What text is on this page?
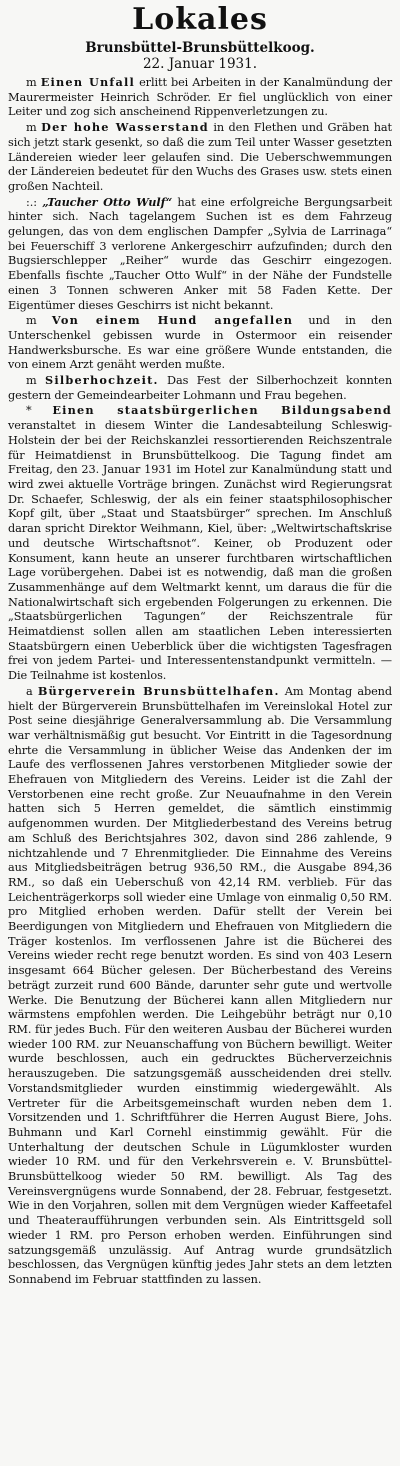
Lokales
Brunsbüttel-Brunsbüttelkoog.
22. Januar 1931.

m Einen Unfall erlitt bei Arbeiten in der Kanalmündung der Maurermeister Heinrich Schröder. Er fiel unglücklich von einer Leiter und zog sich anscheinend Rippenverletzungen zu.

m Der hohe Wasserstand in den Flethen und Gräben hat sich jetzt stark gesenkt, so daß die zum Teil unter Wasser gesetzten Ländereien wieder leer gelaufen sind. Die Ueberschwemmungen der Ländereien bedeutet für den Wuchs des Grases usw. stets einen großen Nachteil.

:.: „Taucher Otto Wulf“ hat eine erfolgreiche Bergungsarbeit hinter sich. Nach tagelangem Suchen ist es dem Fahrzeug gelungen, das von dem englischen Dampfer „Sylvia de Larrinaga“ bei Feuerschiff 3 verlorene Ankergeschirr aufzufinden; durch den Bugsierschlepper „Reiher“ wurde das Geschirr eingezogen. Ebenfalls fischte „Taucher Otto Wulf“ in der Nähe der Fundstelle einen 3 Tonnen schweren Anker mit 58 Faden Kette. Der Eigentümer dieses Geschirrs ist nicht bekannt.

m Von einem Hund angefallen und in den Unterschenkel gebissen wurde in Ostermoor ein reisender Handwerksbursche. Es war eine größere Wunde entstanden, die von einem Arzt genäht werden mußte.

m Silberhochzeit. Das Fest der Silberhochzeit konnten gestern der Gemeindearbeiter Lohmann und Frau begehen.

* Einen staatsbürgerlichen Bildungsabend veranstaltet in diesem Winter die Landesabteilung Schleswig-Holstein der bei der Reichskanzlei ressortierenden Reichszentrale für Heimatdienst in Brunsbüttelkoog. Die Tagung findet am Freitag, den 23. Januar 1931 im Hotel zur Kanalmündung statt und wird zwei aktuelle Vorträge bringen. Zunächst wird Regierungsrat Dr. Schaefer, Schleswig, der als ein feiner staatsphilosophischer Kopf gilt, über „Staat und Staatsbürger“ sprechen. Im Anschluß daran spricht Direktor Weihmann, Kiel, über: „Weltwirtschaftskrise und deutsche Wirtschaftsnot“. Keiner, ob Produzent oder Konsument, kann heute an unserer furchtbaren wirtschaftlichen Lage vorübergehen. Dabei ist es notwendig, daß man die großen Zusammenhänge auf dem Weltmarkt kennt, um daraus die für die Nationalwirtschaft sich ergebenden Folgerungen zu erkennen. Die „Staatsbürgerlichen Tagungen“ der Reichszentrale für Heimatdienst sollen allen am staatlichen Leben interessierten Staatsbürgern einen Ueberblick über die wichtigsten Tagesfragen frei von jedem Partei- und Interessentenstandpunkt vermitteln. — Die Teilnahme ist kostenlos.

a Bürgerverein Brunsbüttelhafen. Am Montag abend hielt der Bürgerverein Brunsbüttelhafen im Vereinslokal Hotel zur Post seine diesjährige Generalversammlung ab. Die Versammlung war verhältnismäßig gut besucht. Vor Eintritt in die Tagesordnung ehrte die Versammlung in üblicher Weise das Andenken der im Laufe des verflossenen Jahres verstorbenen Mitglieder sowie der Ehefrauen von Mitgliedern des Vereins. Leider ist die Zahl der Verstorbenen eine recht große. Zur Neuaufnahme in den Verein hatten sich 5 Herren gemeldet, die sämtlich einstimmig aufgenommen wurden. Der Mitgliederbestand des Vereins betrug am Schluß des Berichtsjahres 302, davon sind 286 zahlende, 9 nichtzahlende und 7 Ehrenmitglieder. Die Einnahme des Vereins aus Mitgliedsbeiträgen betrug 936,50 RM., die Ausgabe 894,36 RM., so daß ein Ueberschuß von 42,14 RM. verblieb. Für das Leichenträgerkorps soll wieder eine Umlage von einmalig 0,50 RM. pro Mitglied erhoben werden. Dafür stellt der Verein bei Beerdigungen von Mitgliedern und Ehefrauen von Mitgliedern die Träger kostenlos. Im verflossenen Jahre ist die Bücherei des Vereins wieder recht rege benutzt worden. Es sind von 403 Lesern insgesamt 664 Bücher gelesen. Der Bücherbestand des Vereins beträgt zurzeit rund 600 Bände, darunter sehr gute und wertvolle Werke. Die Benutzung der Bücherei kann allen Mitgliedern nur wärmstens empfohlen werden. Die Leihgebühr beträgt nur 0,10 RM. für jedes Buch. Für den weiteren Ausbau der Bücherei wurden wieder 100 RM. zur Neuanschaffung von Büchern bewilligt. Weiter wurde beschlossen, auch ein gedrucktes Bücherverzeichnis herauszugeben. Die satzungsgemäß ausscheidenden drei stellv. Vorstandsmitglieder wurden einstimmig wiedergewählt. Als Vertreter für die Arbeitsgemeinschaft wurden neben dem 1. Vorsitzenden und 1. Schriftführer die Herren August Biere, Johs. Buhmann und Karl Cornehl einstimmig gewählt. Für die Unterhaltung der deutschen Schule in Lügumkloster wurden wieder 10 RM. und für den Verkehrsverein e. V. Brunsbüttel-Brunsbüttelkoog wieder 50 RM. bewilligt. Als Tag des Vereinsvergnügens wurde Sonnabend, der 28. Februar, festgesetzt. Wie in den Vorjahren, sollen mit dem Vergnügen wieder Kaffeetafel und Theateraufführungen verbunden sein. Als Eintrittsgeld soll wieder 1 RM. pro Person erhoben werden. Einführungen sind satzungsgemäß unzulässig. Auf Antrag wurde grundsätzlich beschlossen, das Vergnügen künftig jedes Jahr stets an dem letzten Sonnabend im Februar stattfinden zu lassen.
